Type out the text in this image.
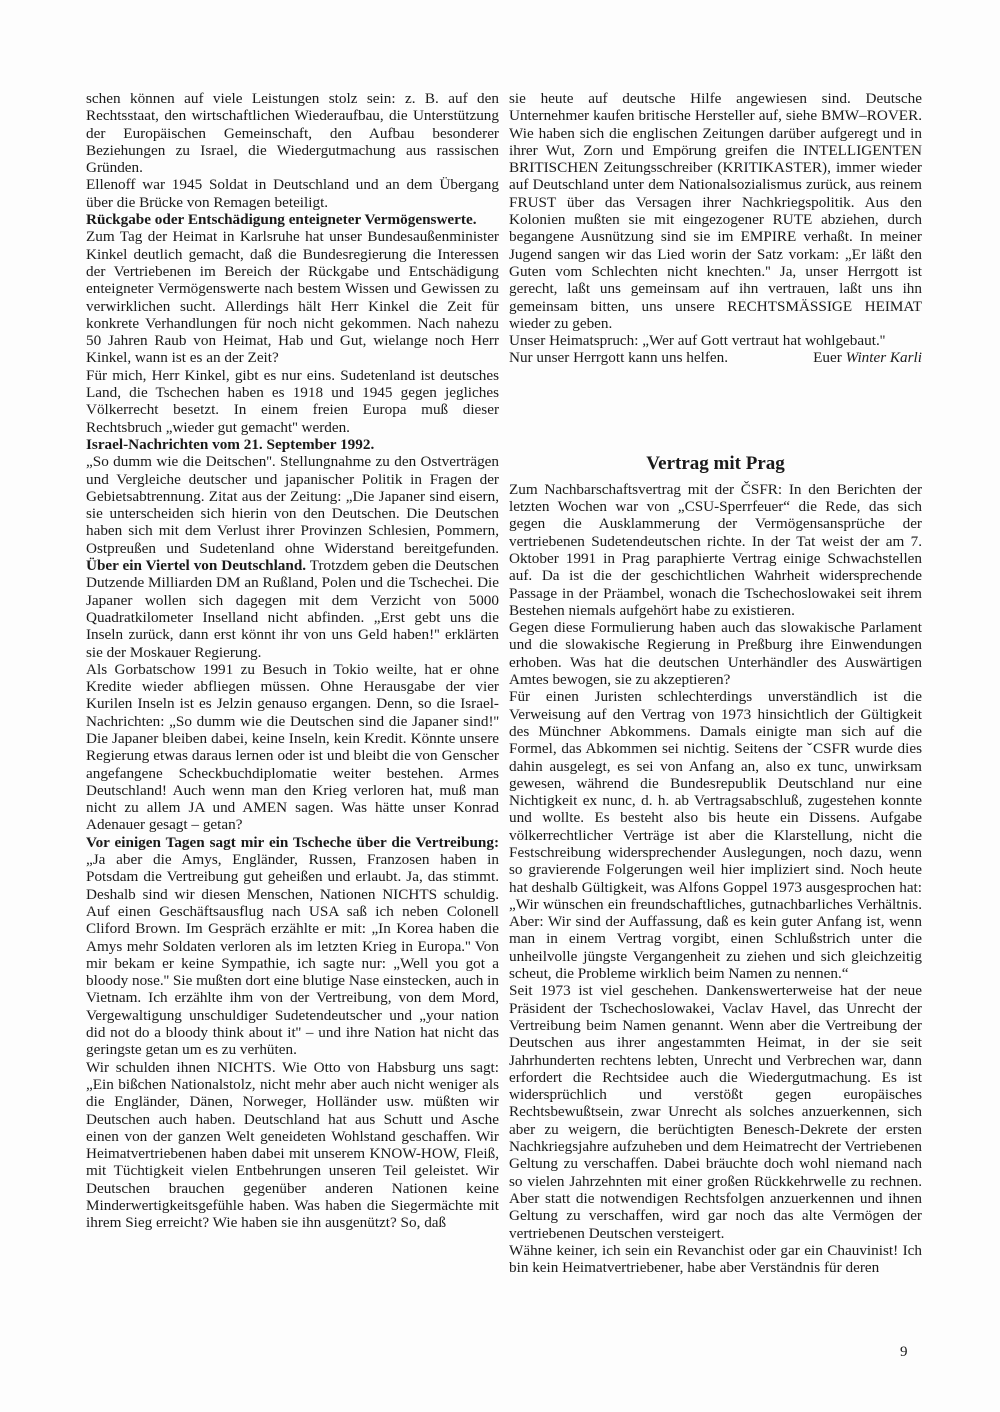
schen können auf viele Leistungen stolz sein: z. B. auf den Rechtsstaat, den wirtschaftlichen Wiederaufbau, die Unterstützung der Europäischen Gemeinschaft, den Aufbau besonderer Beziehungen zu Israel, die Wiedergutmachung aus rassischen Gründen.

Ellenoff war 1945 Soldat in Deutschland und an dem Übergang über die Brücke von Remagen beteiligt.

Rückgabe oder Entschädigung enteigneter Vermögenswerte.

Zum Tag der Heimat in Karlsruhe hat unser Bundesaußenminister Kinkel deutlich gemacht, daß die Bundesregierung die Interessen der Vertriebenen im Bereich der Rückgabe und Entschädigung enteigneter Vermögenswerte nach bestem Wissen und Gewissen zu verwirklichen sucht. Allerdings hält Herr Kinkel die Zeit für konkrete Verhandlungen für noch nicht gekommen. Nach nahezu 50 Jahren Raub von Heimat, Hab und Gut, wielange noch Herr Kinkel, wann ist es an der Zeit?

Für mich, Herr Kinkel, gibt es nur eins. Sudetenland ist deutsches Land, die Tschechen haben es 1918 und 1945 gegen jegliches Völkerrecht besetzt. In einem freien Europa muß dieser Rechtsbruch „wieder gut gemacht'' werden.

Israel-Nachrichten vom 21. September 1992.

„So dumm wie die Deitschen''. Stellungnahme zu den Ostverträgen und Vergleiche deutscher und japanischer Politik in Fragen der Gebietsabtrennung. Zitat aus der Zeitung: „Die Japaner sind eisern, sie unterscheiden sich hierin von den Deutschen. Die Deutschen haben sich mit dem Verlust ihrer Provinzen Schlesien, Pommern, Ostpreußen und Sudetenland ohne Widerstand bereitgefunden. Über ein Viertel von Deutschland. Trotzdem geben die Deutschen Dutzende Milliarden DM an Rußland, Polen und die Tschechei. Die Japaner wollen sich dagegen mit dem Verzicht von 5000 Quadratkilometer Inselland nicht abfinden. „Erst gebt uns die Inseln zurück, dann erst könnt ihr von uns Geld haben!'' erklärten sie der Moskauer Regierung.

Als Gorbatschow 1991 zu Besuch in Tokio weilte, hat er ohne Kredite wieder abfliegen müssen. Ohne Herausgabe der vier Kurilen Inseln ist es Jelzin genauso ergangen. Denn, so die Israel-Nachrichten: „So dumm wie die Deutschen sind die Japaner sind!'' Die Japaner bleiben dabei, keine Inseln, kein Kredit. Könnte unsere Regierung etwas daraus lernen oder ist und bleibt die von Genscher angefangene Scheckbuchdiplomatie weiter bestehen. Armes Deutschland! Auch wenn man den Krieg verloren hat, muß man nicht zu allem JA und AMEN sagen. Was hätte unser Konrad Adenauer gesagt – getan?

Vor einigen Tagen sagt mir ein Tscheche über die Vertreibung: „Ja aber die Amys, Engländer, Russen, Franzosen haben in Potsdam die Vertreibung gut geheißen und erlaubt. Ja, das stimmt. Deshalb sind wir diesen Menschen, Nationen NICHTS schuldig. Auf einen Geschäftsausflug nach USA saß ich neben Colonell Cliford Brown. Im Gespräch erzählte er mit: „In Korea haben die Amys mehr Soldaten verloren als im letzten Krieg in Europa.'' Von mir bekam er keine Sympathie, ich sagte nur: „Well you got a bloody nose.'' Sie mußten dort eine blutige Nase einstecken, auch in Vietnam. Ich erzählte ihm von der Vertreibung, von dem Mord, Vergewaltigung unschuldiger Sudetendeutscher und „your nation did not do a bloody think about it'' – und ihre Nation hat nicht das geringste getan um es zu verhüten.

Wir schulden ihnen NICHTS. Wie Otto von Habsburg uns sagt: „Ein bißchen Nationalstolz, nicht mehr aber auch nicht weniger als die Engländer, Dänen, Norweger, Holländer usw. müßten wir Deutschen auch haben. Deutschland hat aus Schutt und Asche einen von der ganzen Welt geneideten Wohlstand geschaffen. Wir Heimatvertriebenen haben dabei mit unserem KNOW-HOW, Fleiß, mit Tüchtigkeit vielen Entbehrungen unseren Teil geleistet. Wir Deutschen brauchen gegenüber anderen Nationen keine Minderwertigkeitsgefühle haben. Was haben die Siegermächte mit ihrem Sieg erreicht? Wie haben sie ihn ausgenützt? So, daß

sie heute auf deutsche Hilfe angewiesen sind. Deutsche Unternehmer kaufen britische Hersteller auf, siehe BMW–ROVER. Wie haben sich die englischen Zeitungen darüber aufgeregt und in ihrer Wut, Zorn und Empörung greifen die INTELLIGENTEN BRITISCHEN Zeitungsschreiber (KRITIKASTER), immer wieder auf Deutschland unter dem Nationalsozialismus zurück, aus reinem FRUST über das Versagen ihrer Nachkriegspolitik. Aus den Kolonien mußten sie mit eingezogener RUTE abziehen, durch begangene Ausnützung sind sie im EMPIRE verhaßt. In meiner Jugend sangen wir das Lied worin der Satz vorkam: „Er läßt den Guten vom Schlechten nicht knechten.'' Ja, unser Herrgott ist gerecht, laßt uns gemeinsam auf ihn vertrauen, laßt uns ihn gemeinsam bitten, uns unsere RECHTSMÄSSIGE HEIMAT wieder zu geben.

Unser Heimatspruch: „Wer auf Gott vertraut hat wohlgebaut.''

Nur unser Herrgott kann uns helfen.	Euer Winter Karli

Vertrag mit Prag

Zum Nachbarschaftsvertrag mit der ČSFR: In den Berichten der letzten Wochen war von „CSU-Sperrfeuer“ die Rede, das sich gegen die Ausklammerung der Vermögensansprüche der vertriebenen Sudetendeutschen richte. In der Tat weist der am 7. Oktober 1991 in Prag paraphierte Vertrag einige Schwachstellen auf. Da ist die der geschichtlichen Wahrheit widersprechende Passage in der Präambel, wonach die Tschechoslowakei seit ihrem Bestehen niemals aufgehört habe zu existieren.

Gegen diese Formulierung haben auch das slowakische Parlament und die slowakische Regierung in Preßburg ihre Einwendungen erhoben. Was hat die deutschen Unterhändler des Auswärtigen Amtes bewogen, sie zu akzeptieren?

Für einen Juristen schlechterdings unverständlich ist die Verweisung auf den Vertrag von 1973 hinsichtlich der Gültigkeit des Münchner Abkommens. Damals einigte man sich auf die Formel, das Abkommen sei nichtig. Seitens der ˇCSFR wurde dies dahin ausgelegt, es sei von Anfang an, also ex tunc, unwirksam gewesen, während die Bundesrepublik Deutschland nur eine Nichtigkeit ex nunc, d. h. ab Vertragsabschluß, zugestehen konnte und wollte. Es besteht also bis heute ein Dissens. Aufgabe völkerrechtlicher Verträge ist aber die Klarstellung, nicht die Festschreibung widersprechender Auslegungen, noch dazu, wenn so gravierende Folgerungen weil hier impliziert sind. Noch heute hat deshalb Gültigkeit, was Alfons Goppel 1973 ausgesprochen hat: „Wir wünschen ein freundschaftliches, gutnachbarliches Verhältnis. Aber: Wir sind der Auffassung, daß es kein guter Anfang ist, wenn man in einem Vertrag vorgibt, einen Schlußstrich unter die unheilvolle jüngste Vergangenheit zu ziehen und sich gleichzeitig scheut, die Probleme wirklich beim Namen zu nennen.“

Seit 1973 ist viel geschehen. Dankenswerterweise hat der neue Präsident der Tschechoslowakei, Vaclav Havel, das Unrecht der Vertreibung beim Namen genannt. Wenn aber die Vertreibung der Deutschen aus ihrer angestammten Heimat, in der sie seit Jahrhunderten rechtens lebten, Unrecht und Verbrechen war, dann erfordert die Rechtsidee auch die Wiedergutmachung. Es ist widersprüchlich und verstößt gegen europäisches Rechtsbewußtsein, zwar Unrecht als solches anzuerkennen, sich aber zu weigern, die berüchtigten Benesch-Dekrete der ersten Nachkriegsjahre aufzuheben und dem Heimatrecht der Vertriebenen Geltung zu verschaffen. Dabei bräuchte doch wohl niemand nach so vielen Jahrzehnten mit einer großen Rückkehrwelle zu rechnen. Aber statt die notwendigen Rechtsfolgen anzuerkennen und ihnen Geltung zu verschaffen, wird gar noch das alte Vermögen der vertriebenen Deutschen versteigert.

Wähne keiner, ich sein ein Revanchist oder gar ein Chauvinist! Ich bin kein Heimatvertriebener, habe aber Verständnis für deren

9
